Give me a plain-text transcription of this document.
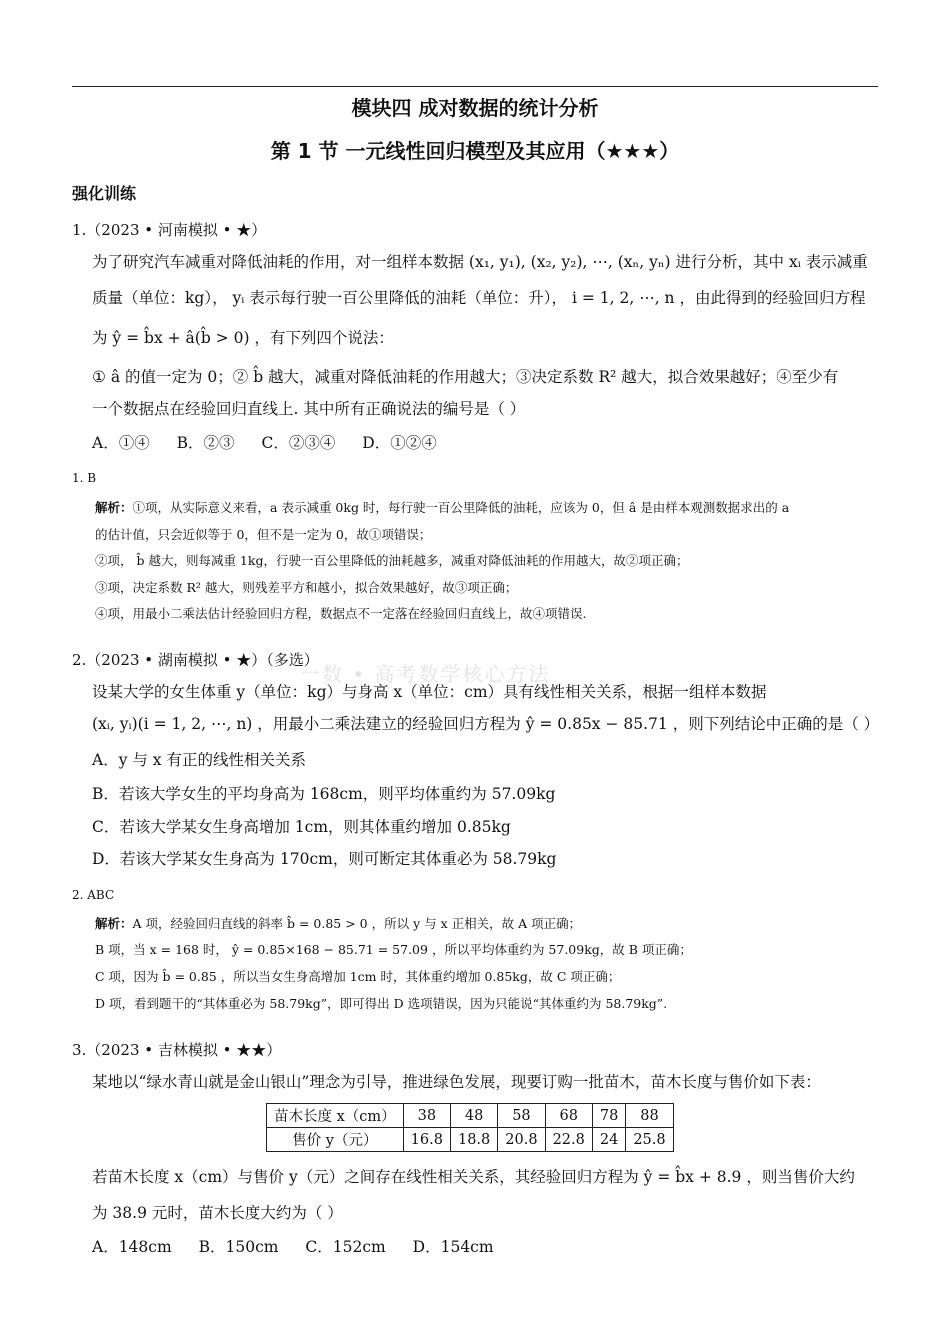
模块四 成对数据的统计分析
第 1 节 一元线性回归模型及其应用（★★★）
强化训练
一数 • 高考数学核心方法
1.（2023 • 河南模拟 • ★）
为了研究汽车减重对降低油耗的作用，对一组样本数据 (x₁, y₁), (x₂, y₂), ⋯, (xₙ, yₙ) 进行分析，其中 xᵢ 表示减重
质量（单位：kg）， yᵢ 表示每行驶一百公里降低的油耗（单位：升）， i = 1, 2, ⋯, n ，由此得到的经验回归方程
为 ŷ = b̂x + â(b̂ > 0) ，有下列四个说法：
① â 的值一定为 0；② b̂ 越大，减重对降低油耗的作用越大；③决定系数 R² 越大，拟合效果越好；④至少有
一个数据点在经验回归直线上. 其中所有正确说法的编号是（ ）
A．①④ B．②③ C．②③④ D．①②④
1. B
解析：①项，从实际意义来看，a 表示减重 0kg 时，每行驶一百公里降低的油耗，应该为 0，但 â 是由样本观测数据求出的 a
的估计值，只会近似等于 0，但不是一定为 0，故①项错误；
②项， b̂ 越大，则每减重 1kg，行驶一百公里降低的油耗越多，减重对降低油耗的作用越大，故②项正确；
③项，决定系数 R² 越大，则残差平方和越小，拟合效果越好，故③项正确；
④项，用最小二乘法估计经验回归方程，数据点不一定落在经验回归直线上，故④项错误.
2.（2023 • 湖南模拟 • ★）（多选）
设某大学的女生体重 y（单位：kg）与身高 x（单位：cm）具有线性相关关系，根据一组样本数据
(xᵢ, yᵢ)(i = 1, 2, ⋯, n) ，用最小二乘法建立的经验回归方程为 ŷ = 0.85x − 85.71 ，则下列结论中正确的是（ ）
A．y 与 x 有正的线性相关关系
B．若该大学女生的平均身高为 168cm，则平均体重约为 57.09kg
C．若该大学某女生身高增加 1cm，则其体重约增加 0.85kg
D．若该大学某女生身高为 170cm，则可断定其体重必为 58.79kg
2. ABC
解析：A 项，经验回归直线的斜率 b̂ = 0.85 > 0 ，所以 y 与 x 正相关，故 A 项正确；
B 项，当 x = 168 时， ŷ = 0.85×168 − 85.71 = 57.09 ，所以平均体重约为 57.09kg，故 B 项正确；
C 项，因为 b̂ = 0.85 ，所以当女生身高增加 1cm 时，其体重约增加 0.85kg，故 C 项正确；
D 项，看到题干的“其体重必为 58.79kg”，即可得出 D 选项错误，因为只能说“其体重约为 58.79kg”.
3.（2023 • 吉林模拟 • ★★）
某地以“绿水青山就是金山银山”理念为引导，推进绿色发展，现要订购一批苗木，苗木长度与售价如下表：
苗木长度 x（cm）	38	48	58	68	78	88
售价 y（元）	16.8	18.8	20.8	22.8	24	25.8
若苗木长度 x（cm）与售价 y（元）之间存在线性相关关系，其经验回归方程为 ŷ = b̂x + 8.9 ，则当售价大约
为 38.9 元时，苗木长度大约为（ ）
A．148cm B．150cm C．152cm D．154cm
